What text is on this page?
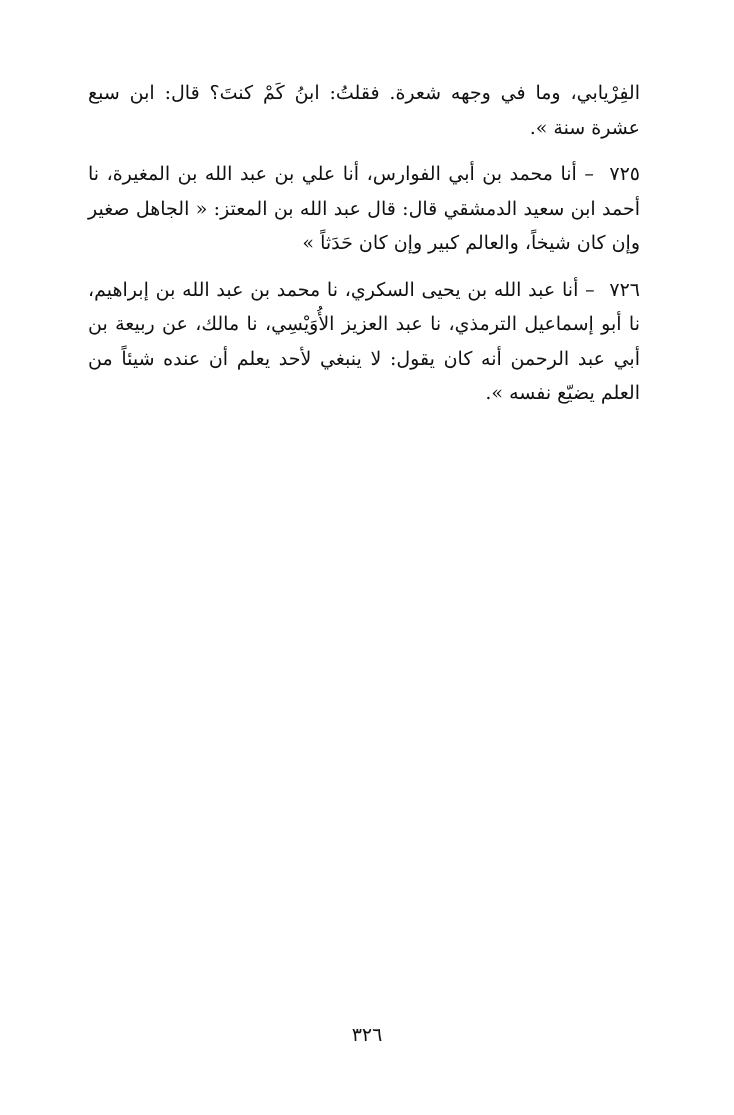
الفِرْيابي، وما في وجهه شعرة. فقلتُ: ابنُ كَمْ كنتَ؟ قال: ابن سبع عشرة سنة ».

٧٢٥ – أنا محمد بن أبي الفوارس، أنا علي بن عبد الله بن المغيرة، نا أحمد ابن سعيد الدمشقي قال: قال عبد الله بن المعتز: « الجاهل صغير وإن كان شيخاً، والعالم كبير وإن كان حَدَثاً »

٧٢٦ – أنا عبد الله بن يحيى السكري، نا محمد بن عبد الله بن إبراهيم، نا أبو إسماعيل الترمذي، نا عبد العزيز الأُوَيْسِي، نا مالك، عن ربيعة بن أبي عبد الرحمن أنه كان يقول: لا ينبغي لأحد يعلم أن عنده شيئاً من العلم يضيّع نفسه ».

٣٢٦
